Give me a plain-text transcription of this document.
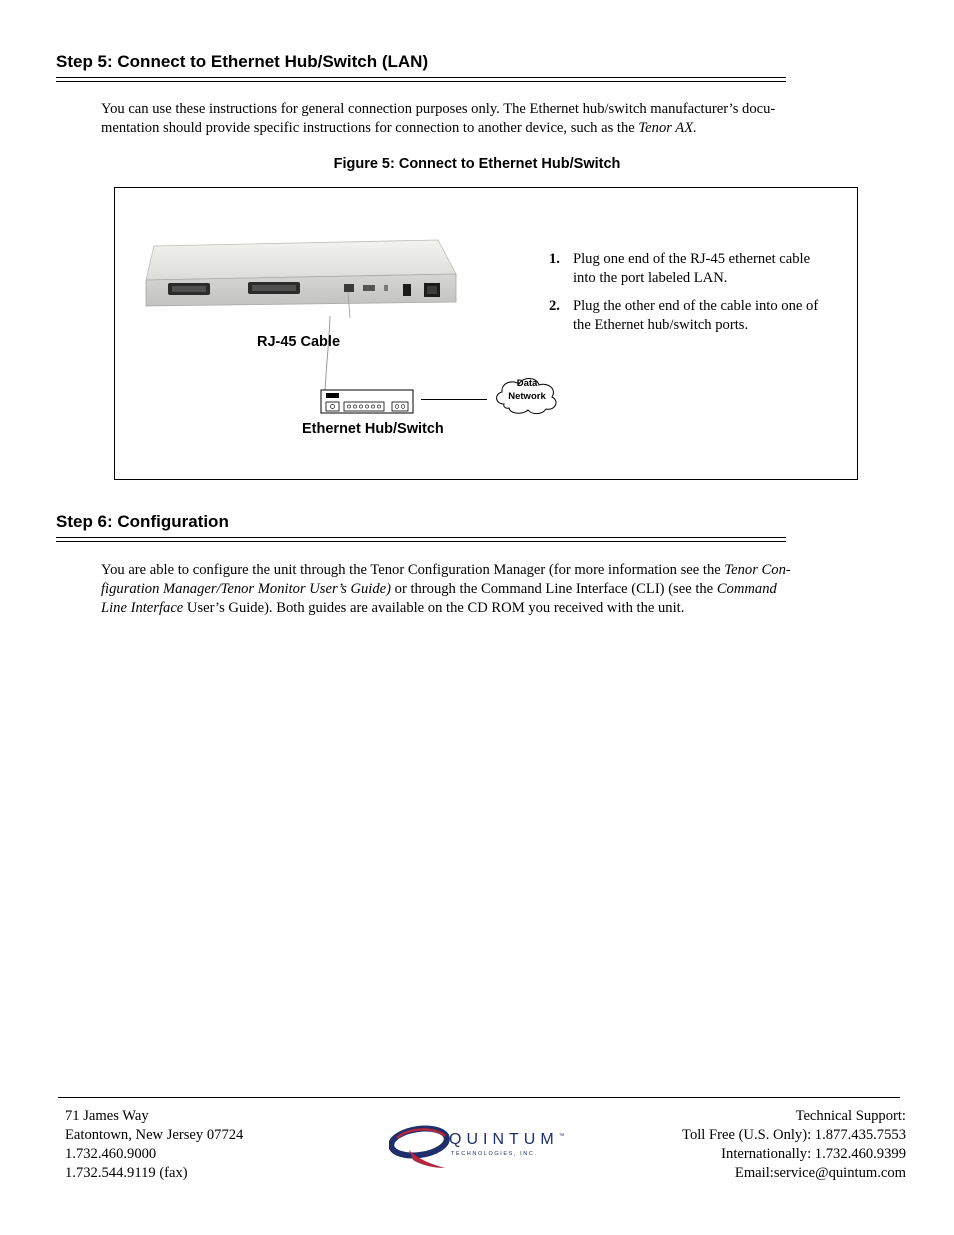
Step 5: Connect to Ethernet Hub/Switch (LAN)

You can use these instructions for general connection purposes only. The Ethernet hub/switch manufacturer’s docu-
mentation should provide specific instructions for connection to another device, such as the Tenor AX.

Figure 5: Connect to Ethernet Hub/Switch
RJ-45 Cable
Data
Network
Ethernet Hub/Switch
1. Plug one end of the RJ-45 ethernet cable
into the port labeled LAN.
2. Plug the other end of the cable into one of
the Ethernet hub/switch ports.
Step 6: Configuration

You are able to configure the unit through the Tenor Configuration Manager (for more information see the Tenor Con-
figuration Manager/Tenor Monitor User’s Guide) or through the Command Line Interface (CLI) (see the Command
Line Interface User’s Guide). Both guides are available on the CD ROM you received with the unit.

71 James Way
Eatontown, New Jersey 07724
1.732.460.9000
1.732.544.9119 (fax)
QUINTUM™
TECHNOLOGIES, INC.
Technical Support:
Toll Free (U.S. Only): 1.877.435.7553
Internationally: 1.732.460.9399
Email:service@quintum.com
